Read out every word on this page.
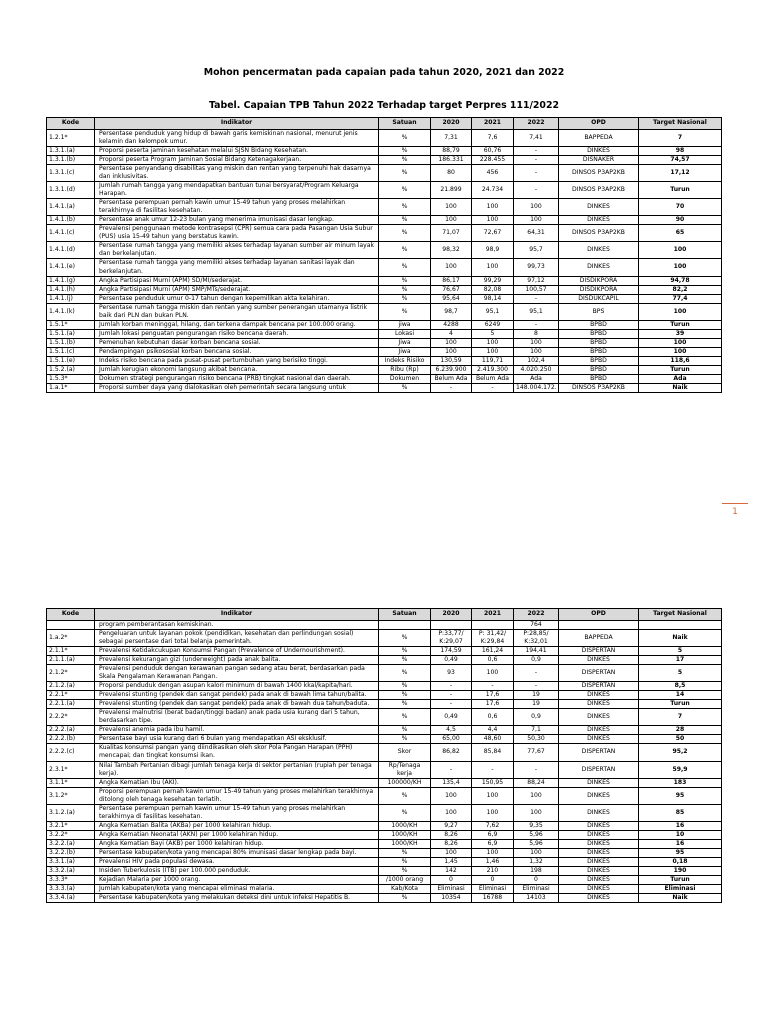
Mohon pencermatan pada capaian pada tahun 2020, 2021 dan 2022
Tabel. Capaian TPB Tahun 2022 Terhadap target Perpres 111/2022
Kode	Indikator	Satuan	2020	2021	2022	OPD	Target Nasional
1.2.1*	Persentase penduduk yang hidup di bawah garis kemiskinan nasional, menurut jenis kelamin dan kelompok umur.	%	7,31	7,6	7,41	BAPPEDA	7
1.3.1.(a)	Proporsi peserta jaminan kesehatan melalui SJSN Bidang Kesehatan.	%	88,79	60,76	-	DINKES	98
1.3.1.(b)	Proporsi peserta Program Jaminan Sosial Bidang Ketenagakerjaan.	%	186.331	228.455	-	DISNAKER	74,57
1.3.1.(c)	Persentase penyandang disabilitas yang miskin dan rentan yang terpenuhi hak dasarnya dan inklusivitas.	%	80	456	-	DINSOS P3AP2KB	17,12
1.3.1.(d)	Jumlah rumah tangga yang mendapatkan bantuan tunai bersyarat/Program Keluarga Harapan.	%	21.899	24.734	-	DINSOS P3AP2KB	Turun
1.4.1.(a)	Persentase perempuan pernah kawin umur 15-49 tahun yang proses melahirkan terakhirnya di fasilitas kesehatan.	%	100	100	100	DINKES	70
1.4.1.(b)	Persentase anak umur 12-23 bulan yang menerima imunisasi dasar lengkap.	%	100	100	100	DINKES	90
1.4.1.(c)	Prevalensi penggunaan metode kontrasepsi (CPR) semua cara pada Pasangan Usia Subur (PUS) usia 15-49 tahun yang berstatus kawin.	%	71,07	72,67	64,31	DINSOS P3AP2KB	65
1.4.1.(d)	Persentase rumah tangga yang memiliki akses terhadap layanan sumber air minum layak dan berkelanjutan.	%	98,32	98,9	95,7	DINKES	100
1.4.1.(e)	Persentase rumah tangga yang memiliki akses terhadap layanan sanitasi layak dan berkelanjutan.	%	100	100	99,73	DINKES	100
1.4.1.(g)	Angka Partisipasi Murni (APM) SD/MI/sederajat.	%	86,17	99,29	97,12	DISDIKPORA	94,78
1.4.1.(h)	Angka Partisipasi Murni (APM) SMP/MTs/sederajat.	%	76,67	82,08	100,57	DISDIKPORA	82,2
1.4.1.(j)	Persentase penduduk umur 0-17 tahun dengan kepemilikan akta kelahiran.	%	95,64	98,14	-	DISDUKCAPIL	77,4
1.4.1.(k)	Persentase rumah tangga miskin dan rentan yang sumber penerangan utamanya listrik baik dari PLN dan bukan PLN.	%	98,7	95,1	95,1	BPS	100
1.5.1*	Jumlah korban meninggal, hilang, dan terkena dampak bencana per 100.000 orang.	jiwa	4288	6249	-	BPBD	Turun
1.5.1.(a)	Jumlah lokasi penguatan pengurangan risiko bencana daerah.	Lokasi	4	5	8	BPBD	39
1.5.1.(b)	Pemenuhan kebutuhan dasar korban bencana sosial.	Jiwa	100	100	100	BPBD	100
1.5.1.(c)	Pendampingan psikososial korban bencana sosial.	Jiwa	100	100	100	BPBD	100
1.5.1.(e)	Indeks risiko bencana pada pusat-pusat pertumbuhan yang berisiko tinggi.	Indeks Risiko	130,59	119,71	102,4	BPBD	118,6
1.5.2.(a)	Jumlah kerugian ekonomi langsung akibat bencana.	Ribu (Rp)	6.239.900	2.419.300	4.020.250	BPBD	Turun
1.5.3*	Dokumen strategi pengurangan risiko bencana (PRB) tingkat nasional dan daerah.	Dokumen	Belum Ada	Belum Ada	Ada	BPBD	Ada
1.a.1*	Proporsi sumber daya yang dialokasikan oleh pemerintah secara langsung untuk	%	-	-	148.004.172.	DINSOS P3AP2KB	Naik
1
Kode	Indikator	Satuan	2020	2021	2022	OPD	Target Nasional
	program pemberantasan kemiskinan.				764		
1.a.2*	Pengeluaran untuk layanan pokok (pendidikan, kesehatan dan perlindungan sosial) sebagai persentase dari total belanja pemerintah.	%	P:33,77/ K:29,07	P: 31,42/ K:29,84	P:28,85/ K:32,01	BAPPEDA	Naik
2.1.1*	Prevalensi Ketidakcukupan Konsumsi Pangan (Prevalence of Undernourishment).	%	174,59	161,24	194,41	DISPERTAN	5
2.1.1.(a)	Prevalensi kekurangan gizi (underweight) pada anak balita.	%	0,49	0,6	0,9	DINKES	17
2.1.2*	Prevalensi penduduk dengan kerawanan pangan sedang atau berat, berdasarkan pada Skala Pengalaman Kerawanan Pangan.	%	93	100	-	DISPERTAN	5
2.1.2.(a)	Proporsi penduduk dengan asupan kalori minimum di bawah 1400 kkal/kapita/hari.	%	-	-	-	DISPERTAN	8,5
2.2.1*	Prevalensi stunting (pendek dan sangat pendek) pada anak di bawah lima tahun/balita.	%	-	17,6	19	DINKES	14
2.2.1.(a)	Prevalensi stunting (pendek dan sangat pendek) pada anak di bawah dua tahun/baduta.	%	-	17,6	19	DINKES	Turun
2.2.2*	Prevalensi malnutrisi (berat badan/tinggi badan) anak pada usia kurang dari 5 tahun, berdasarkan tipe.	%	0,49	0,6	0,9	DINKES	7
2.2.2.(a)	Prevalensi anemia pada ibu hamil.	%	4,5	4,4	7,1	DINKES	28
2.2.2.(b)	Persentase bayi usia kurang dari 6 bulan yang mendapatkan ASI eksklusif.	%	65,00	48,60	50,30	DINKES	50
2.2.2.(c)	Kualitas konsumsi pangan yang diindikasikan oleh skor Pola Pangan Harapan (PPH) mencapai; dan tingkat konsumsi ikan.	Skor	86,82	85,84	77,67	DISPERTAN	95,2
2.3.1*	Nilai Tambah Pertanian dibagi jumlah tenaga kerja di sektor pertanian (rupiah per tenaga kerja).	Rp/Tenaga kerja	-	-	-	DISPERTAN	59,9
3.1.1*	Angka Kematian Ibu (AKI).	100000/KH	135,4	150,95	88,24	DINKES	183
3.1.2*	Proporsi perempuan pernah kawin umur 15-49 tahun yang proses melahirkan terakhirnya ditolong oleh tenaga kesehatan terlatih.	%	100	100	100	DINKES	95
3.1.2.(a)	Persentase perempuan pernah kawin umur 15-49 tahun yang proses melahirkan terakhirnya di fasilitas kesehatan.	%	100	100	100	DINKES	85
3.2.1*	Angka Kematian Balita (AKBa) per 1000 kelahiran hidup.	1000/KH	9,27	7,62	9,35	DINKES	16
3.2.2*	Angka Kematian Neonatal (AKN) per 1000 kelahiran hidup.	1000/KH	8,26	6,9	5,96	DINKES	10
3.2.2.(a)	Angka Kematian Bayi (AKB) per 1000 kelahiran hidup.	1000/KH	8,26	6,9	5,96	DINKES	16
3.2.2.(b)	Persentase kabupaten/kota yang mencapai 80% imunisasi dasar lengkap pada bayi.	%	100	100	100	DINKES	95
3.3.1.(a)	Prevalensi HIV pada populasi dewasa.	%	1,45	1,46	1,32	DINKES	0,18
3.3.2.(a)	Insiden Tuberkulosis (ITB) per 100.000 penduduk.	%	142	210	198	DINKES	190
3.3.3*	Kejadian Malaria per 1000 orang.	/1000 orang	0	0	0	DINKES	Turun
3.3.3.(a)	Jumlah kabupaten/kota yang mencapai eliminasi malaria.	Kab/Kota	Eliminasi	Eliminasi	Eliminasi	DINKES	Eliminasi
3.3.4.(a)	Persentase kabupaten/kota yang melakukan deteksi dini untuk infeksi Hepatitis B.	%	10354	16788	14103	DINKES	Naik
